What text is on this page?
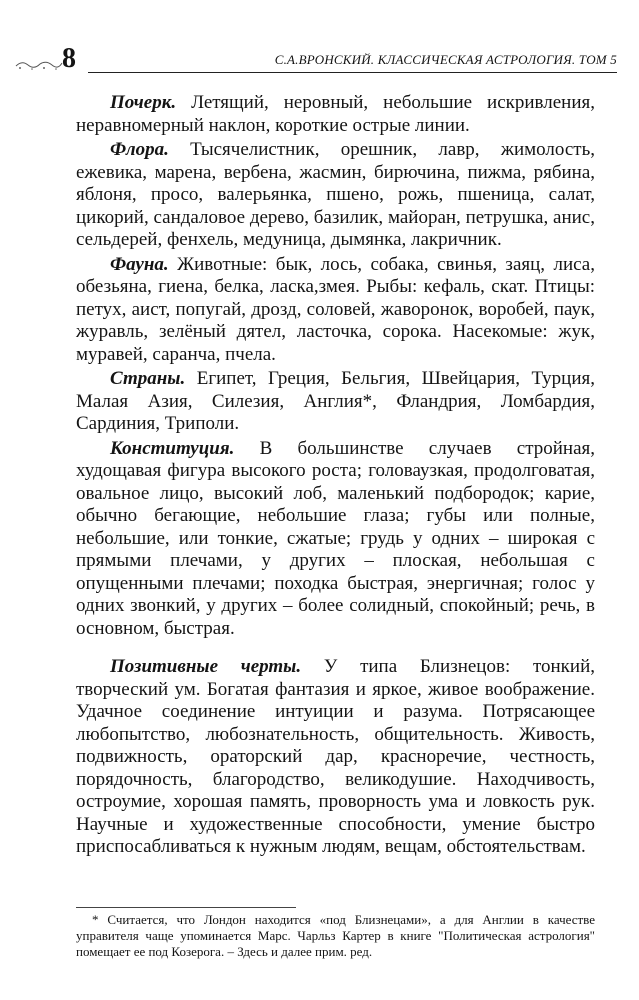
8	С.А.ВРОНСКИЙ. КЛАССИЧЕСКАЯ АСТРОЛОГИЯ. ТОМ 5

Почерк. Летящий, неровный, небольшие искривления, неравномерный наклон, короткие острые линии.

Флора. Тысячелистник, орешник, лавр, жимолость, ежевика, марена, вербена, жасмин, бирючина, пижма, рябина, яблоня, просо, валерьянка, пшено, рожь, пшеница, салат, цикорий, сандаловое дерево, базилик, майоран, петрушка, анис, сельдерей, фенхель, медуница, дымянка, лакричник.

Фауна. Животные: бык, лось, собака, свинья, заяц, лиса, обезьяна, гиена, белка, ласка,змея. Рыбы: кефаль, скат. Птицы: петух, аист, попугай, дрозд, соловей, жаворонок, воробей, паук, журавль, зелёный дятел, ласточка, сорока. Насекомые: жук, муравей, саранча, пчела.

Страны. Египет, Греция, Бельгия, Швейцария, Турция, Малая Азия, Силезия, Англия*, Фландрия, Ломбардия, Сардиния, Триполи.

Конституция. В большинстве случаев стройная, худощавая фигура высокого роста; головаузкая, продолговатая, овальное лицо, высокий лоб, маленький подбородок; карие, обычно бегающие, небольшие глаза; губы или полные, небольшие, или тонкие, сжатые; грудь у одних – широкая с прямыми плечами, у других – плоская, небольшая с опущенными плечами; походка быстрая, энергичная; голос у одних звонкий, у других – более солидный, спокойный; речь, в основном, быстрая.

Позитивные черты. У типа Близнецов: тонкий, творческий ум. Богатая фантазия и яркое, живое воображение. Удачное соединение интуиции и разума. Потрясающее любопытство, любознательность, общительность. Живость, подвижность, ораторский дар, красноречие, честность, порядочность, благородство, великодушие. Находчивость, остроумие, хорошая память, проворность ума и ловкость рук. Научные и художественные способности, умение быстро приспосабливаться к нужным людям, вещам, обстоятельствам.

* Считается, что Лондон находится «под Близнецами», а для Англии в качестве управителя чаще упоминается Марс. Чарльз Картер в книге "Политическая астрология" помещает ее под Козерога. – Здесь и далее прим. ред.
